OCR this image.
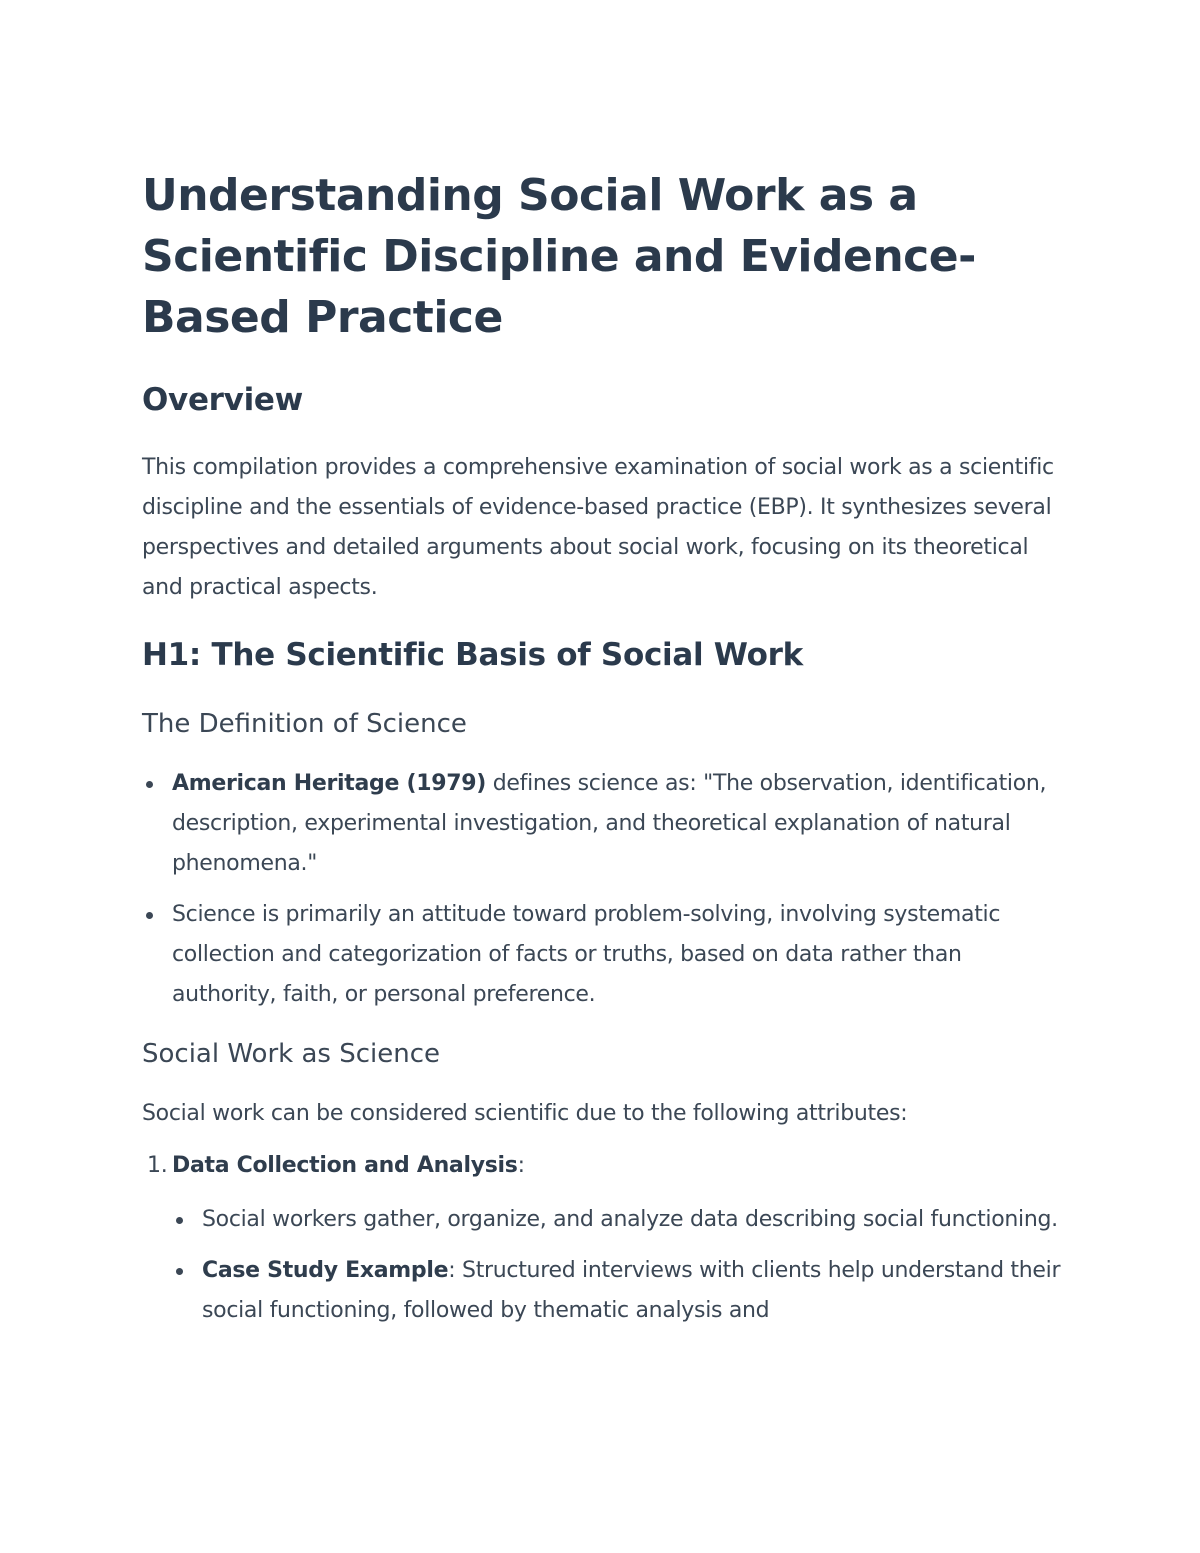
Understanding Social Work as a
Scientific Discipline and Evidence-
Based Practice
Overview

This compilation provides a comprehensive examination of social work as a scientific discipline and the essentials of evidence-based practice (EBP). It synthesizes several perspectives and detailed arguments about social work, focusing on its theoretical and practical aspects.

H1: The Scientific Basis of Social Work
The Definition of Science
American Heritage (1979) defines science as: "The observation, identification, description, experimental investigation, and theoretical explanation of natural phenomena."
Science is primarily an attitude toward problem-solving, involving systematic collection and categorization of facts or truths, based on data rather than authority, faith, or personal preference.
Social Work as Science

Social work can be considered scientific due to the following attributes:

1. Data Collection and Analysis:
Social workers gather, organize, and analyze data describing social functioning.
Case Study Example: Structured interviews with clients help understand their social functioning, followed by thematic analysis and
